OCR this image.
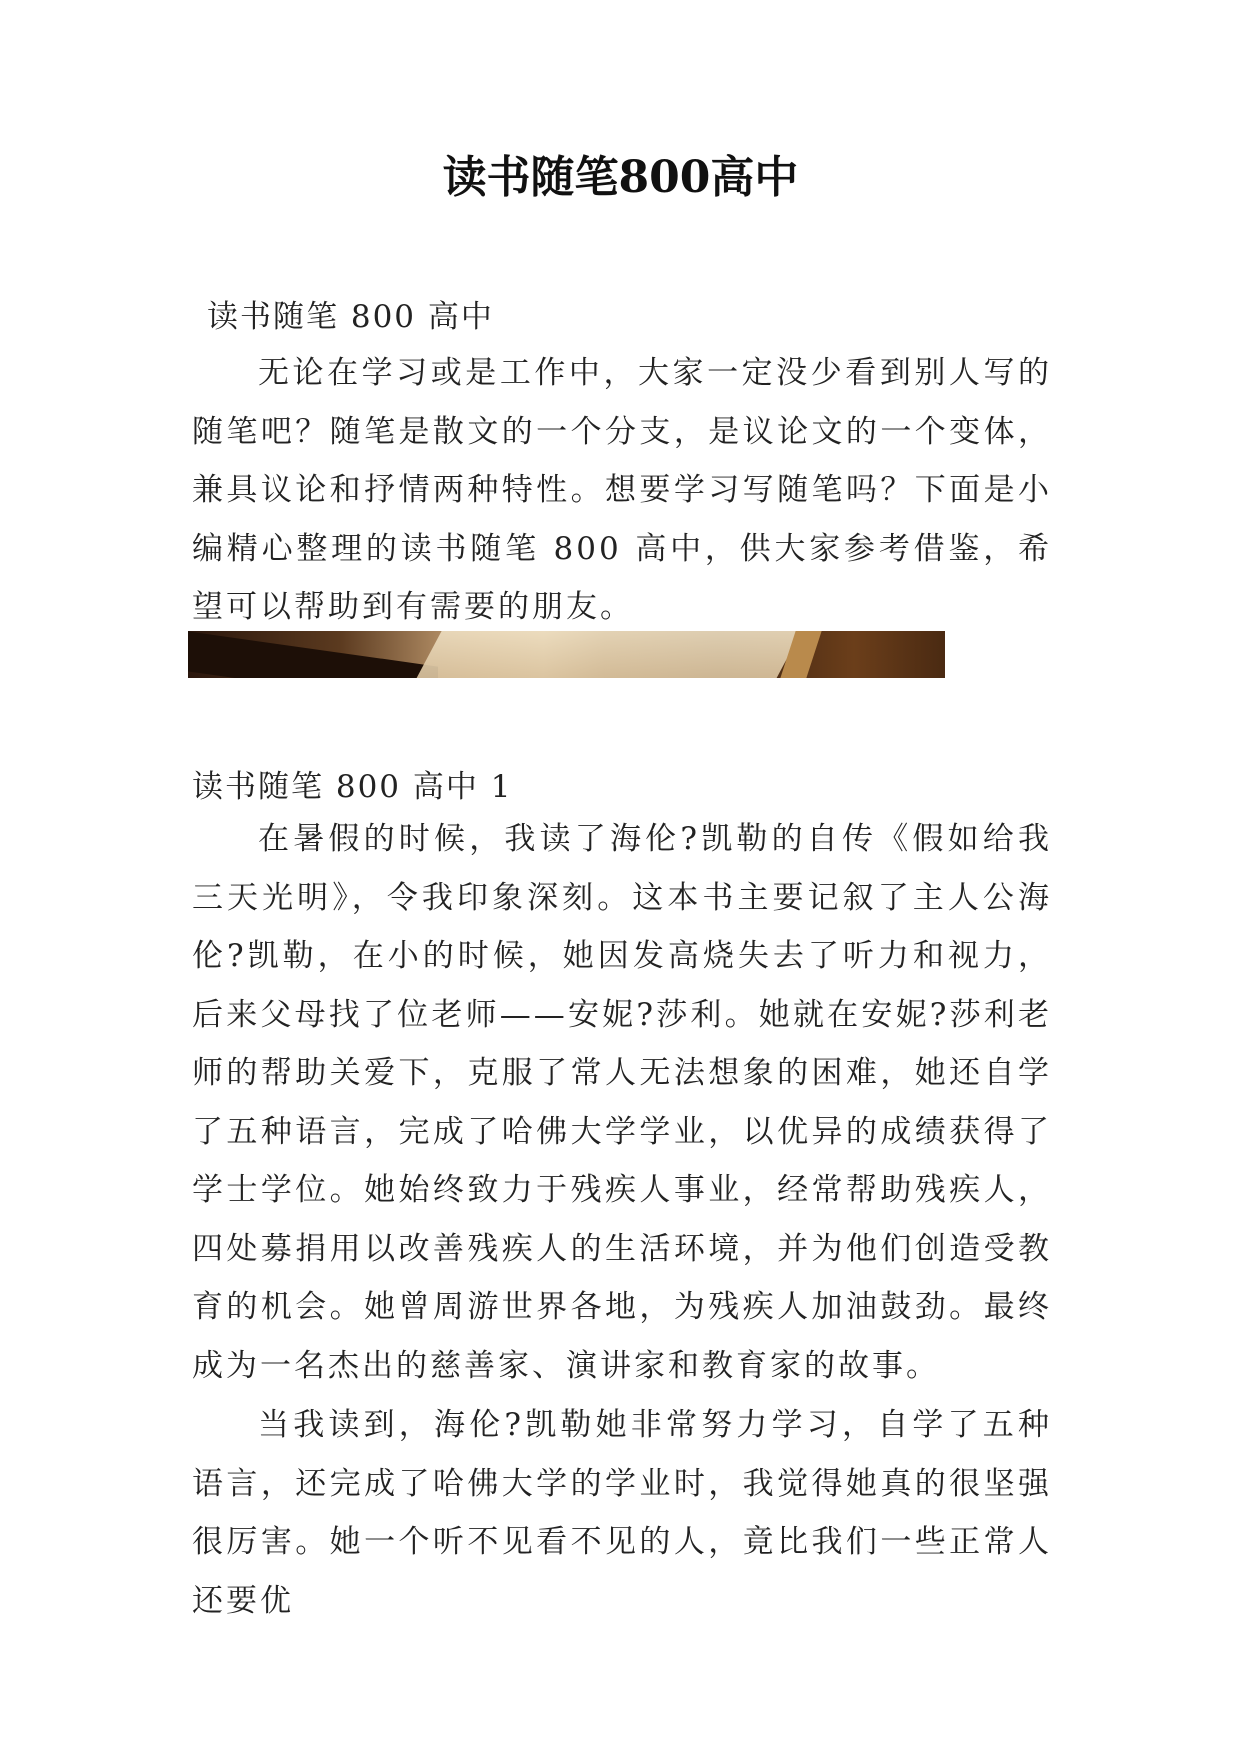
读书随笔800高中

读书随笔 800 高中

无论在学习或是工作中，大家一定没少看到别人写的随笔吧？随笔是散文的一个分支，是议论文的一个变体，兼具议论和抒情两种特性。想要学习写随笔吗？下面是小编精心整理的读书随笔 800 高中，供大家参考借鉴，希望可以帮助到有需要的朋友。

读书随笔 800 高中 1

在暑假的时候，我读了海伦?凯勒的自传《假如给我三天光明》，令我印象深刻。这本书主要记叙了主人公海伦?凯勒，在小的时候，她因发高烧失去了听力和视力，后来父母找了位老师——安妮?莎利。她就在安妮?莎利老师的帮助关爱下，克服了常人无法想象的困难，她还自学了五种语言，完成了哈佛大学学业，以优异的成绩获得了学士学位。她始终致力于残疾人事业，经常帮助残疾人，四处募捐用以改善残疾人的生活环境，并为他们创造受教育的机会。她曾周游世界各地，为残疾人加油鼓劲。最终成为一名杰出的慈善家、演讲家和教育家的故事。

当我读到，海伦?凯勒她非常努力学习，自学了五种语言，还完成了哈佛大学的学业时，我觉得她真的很坚强很厉害。她一个听不见看不见的人，竟比我们一些正常人还要优
